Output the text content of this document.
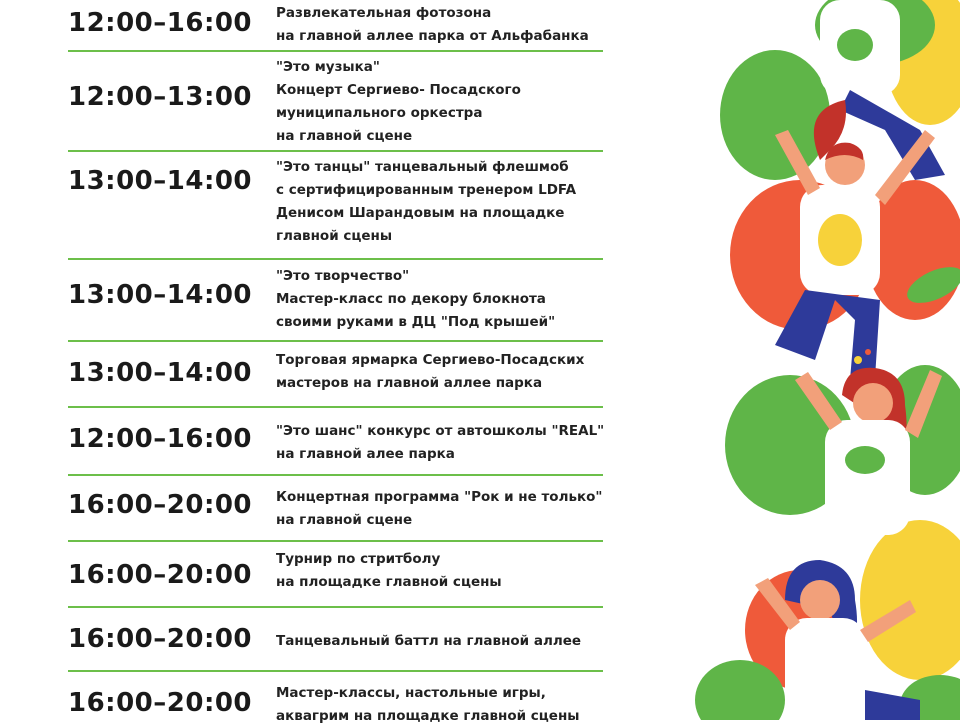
12:00–16:00 Развлекательная фотозона
на главной аллее парка от Альфабанка
12:00–13:00
"Это музыка"
Концерт Сергиево- Посадского
муниципального оркестра
на главной сцене
13:00–14:00 "Это танцы" танцевальный флешмоб
с сертифицированным тренером LDFA
Денисом Шарандовым на площадке
главной сцены
13:00–14:00
"Это творчество"
Мастер-класс по декору блокнота
своими руками в ДЦ "Под крышей"
13:00–14:00 Торговая ярмарка Сергиево-Посадских
мастеров на главной аллее парка
12:00–16:00 "Это шанс" конкурс от автошколы "REAL"
на главной алее парка
16:00–20:00 Концертная программа "Рок и не только"
на главной сцене
16:00–20:00
Турнир по стритболу
на площадке главной сцены
16:00–20:00 Танцевальный баттл на главной аллее
16:00–20:00 Мастер-классы, настольные игры,
аквагрим на площадке главной сцены
